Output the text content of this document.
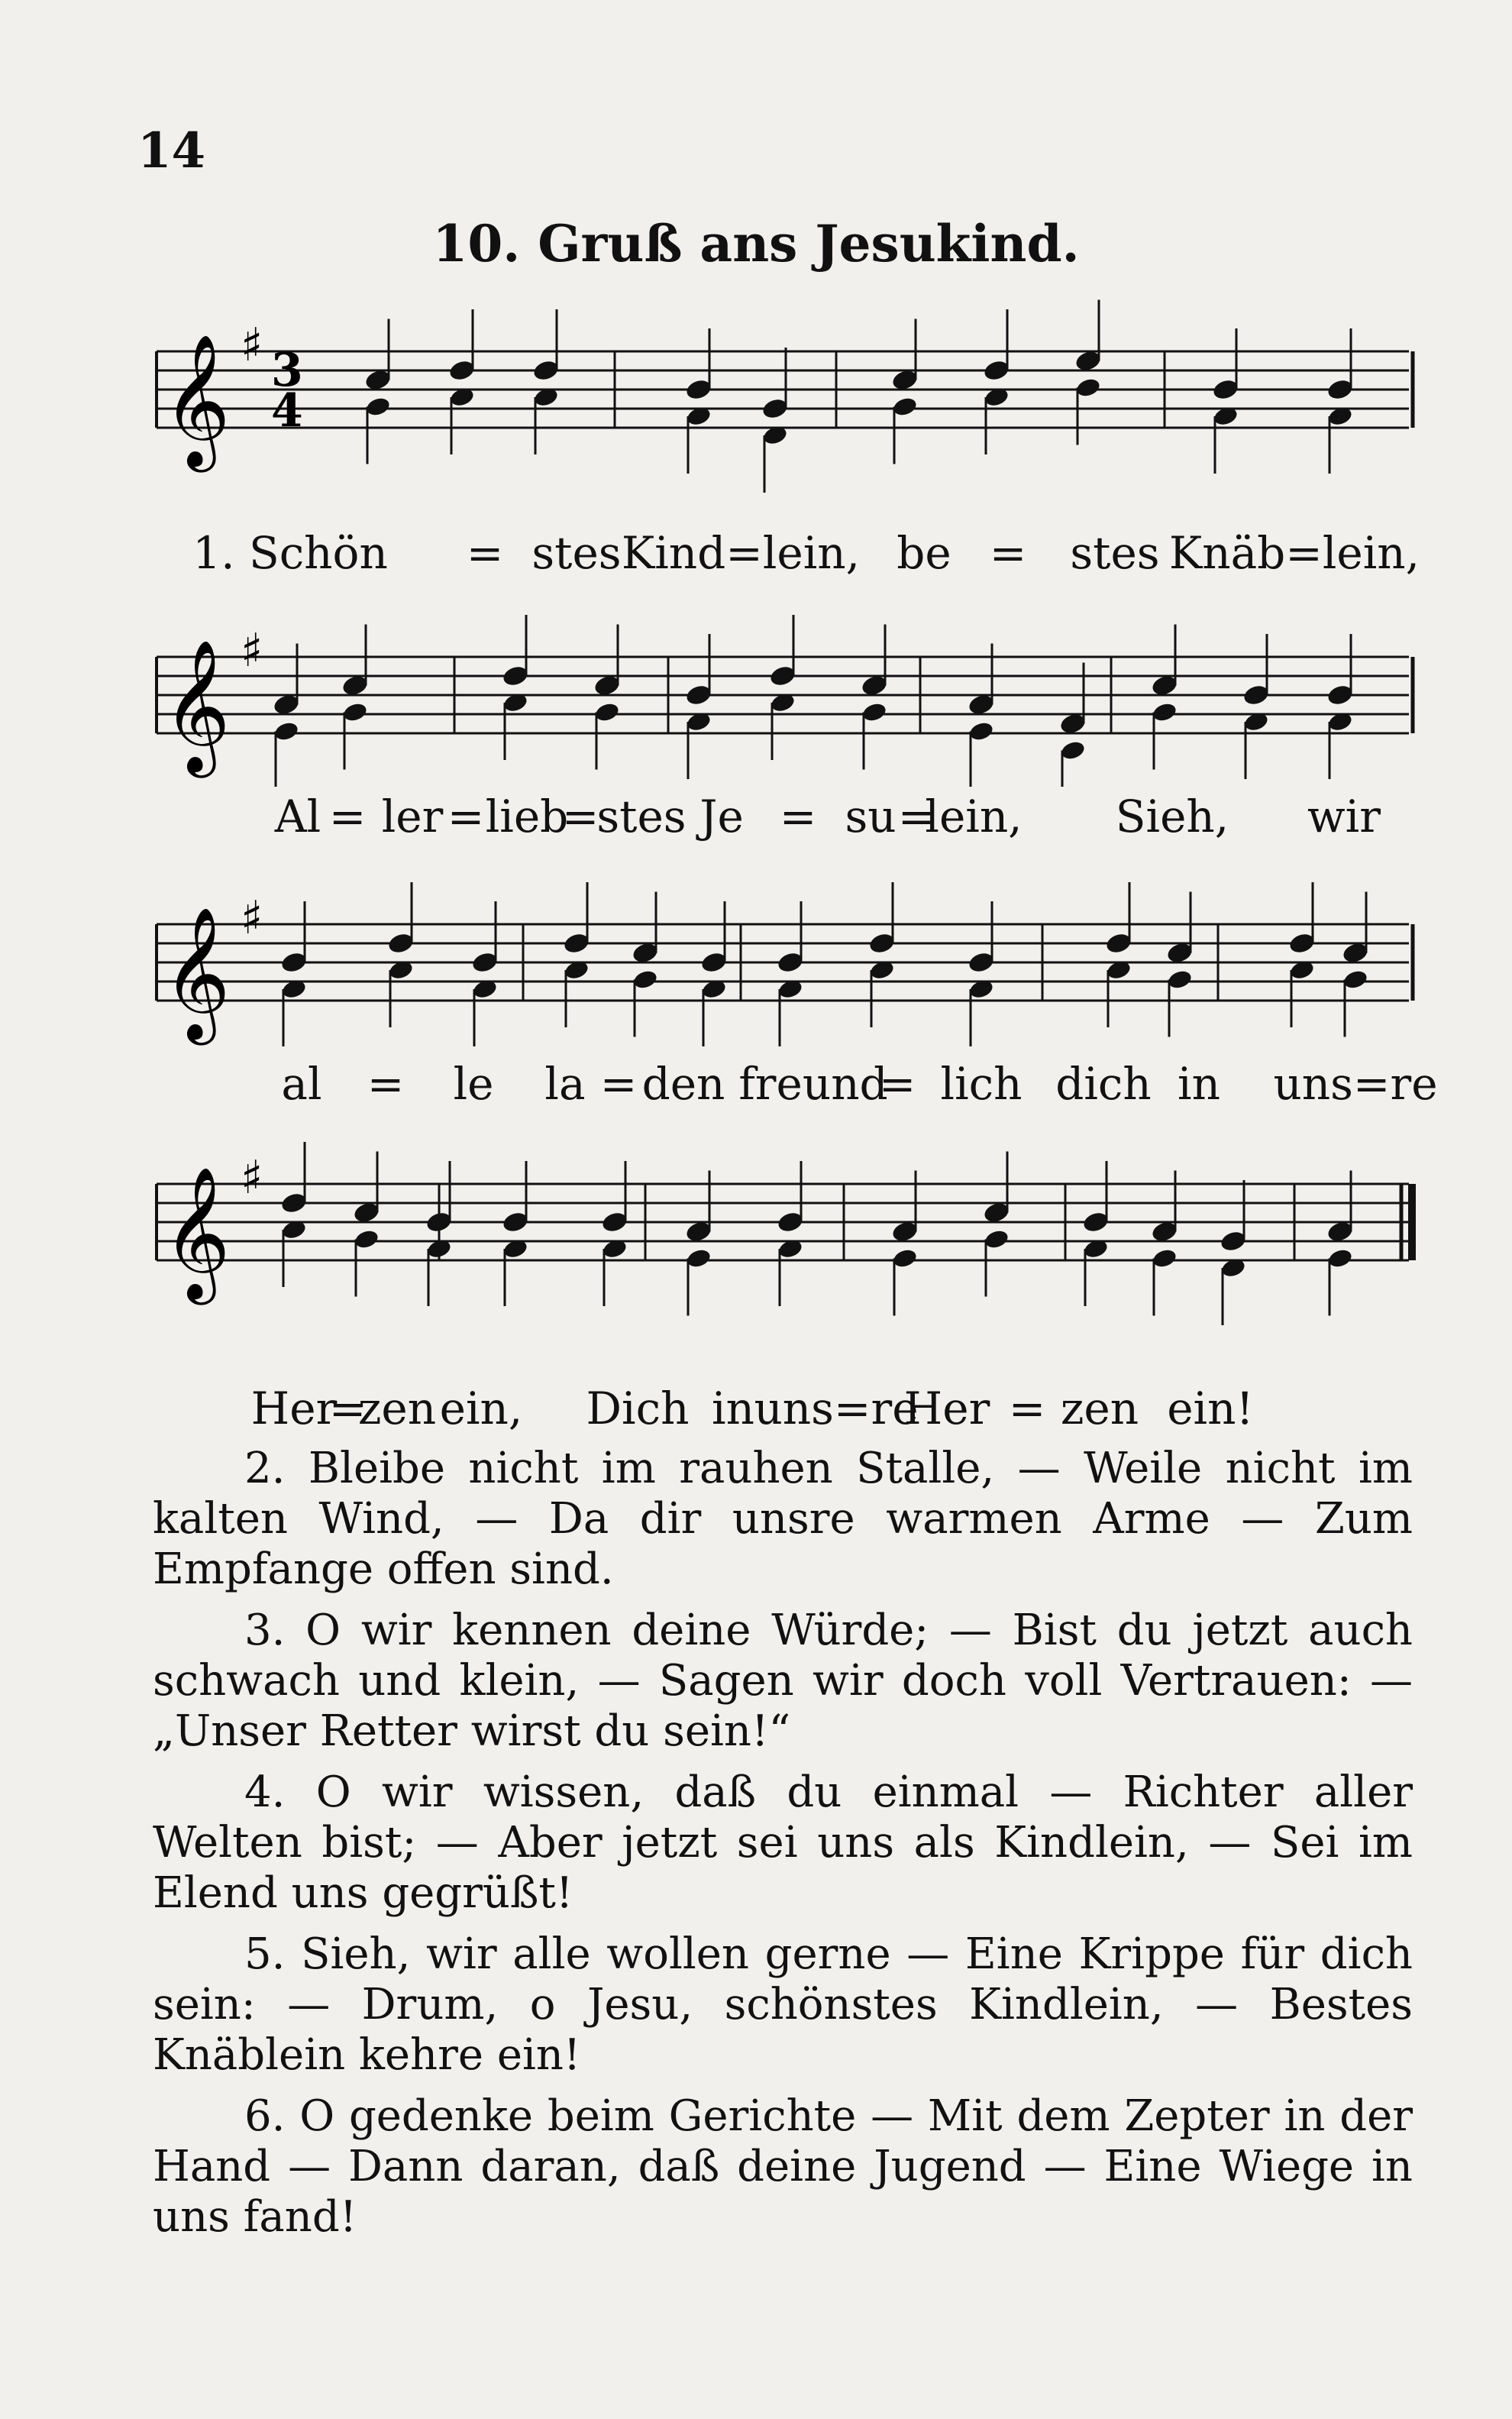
14
10. Gruß ans Jesukind.
𝄞 ♯ 3
4
1. Schön = stes Kind=lein, be = stes Knäb=lein,
𝄞 ♯
Al = ler = lieb
=
stes Je = su =
lein, Sieh, wir
𝄞 ♯
al = le la = den freund
= lich dich in uns=re
𝄞 ♯
Her
=
zen ein, Dich in uns=re
Her = zen ein!

2. Bleibe nicht im rauhen Stalle, — Weile nicht im kalten Wind, — Da dir unsre warmen Arme — Zum Empfange offen sind.

3. O wir kennen deine Würde; — Bist du jetzt auch schwach und klein, — Sagen wir doch voll Vertrauen: — „Unser Retter wirst du sein!“

4. O wir wissen, daß du einmal — Richter aller Welten bist; — Aber jetzt sei uns als Kindlein, — Sei im Elend uns gegrüßt!

5. Sieh, wir alle wollen gerne — Eine Krippe für dich sein: — Drum, o Jesu, schönstes Kindlein, — Bestes Knäblein kehre ein!

6. O gedenke beim Gerichte — Mit dem Zepter in der Hand — Dann daran, daß deine Jugend — Eine Wiege in uns fand!
